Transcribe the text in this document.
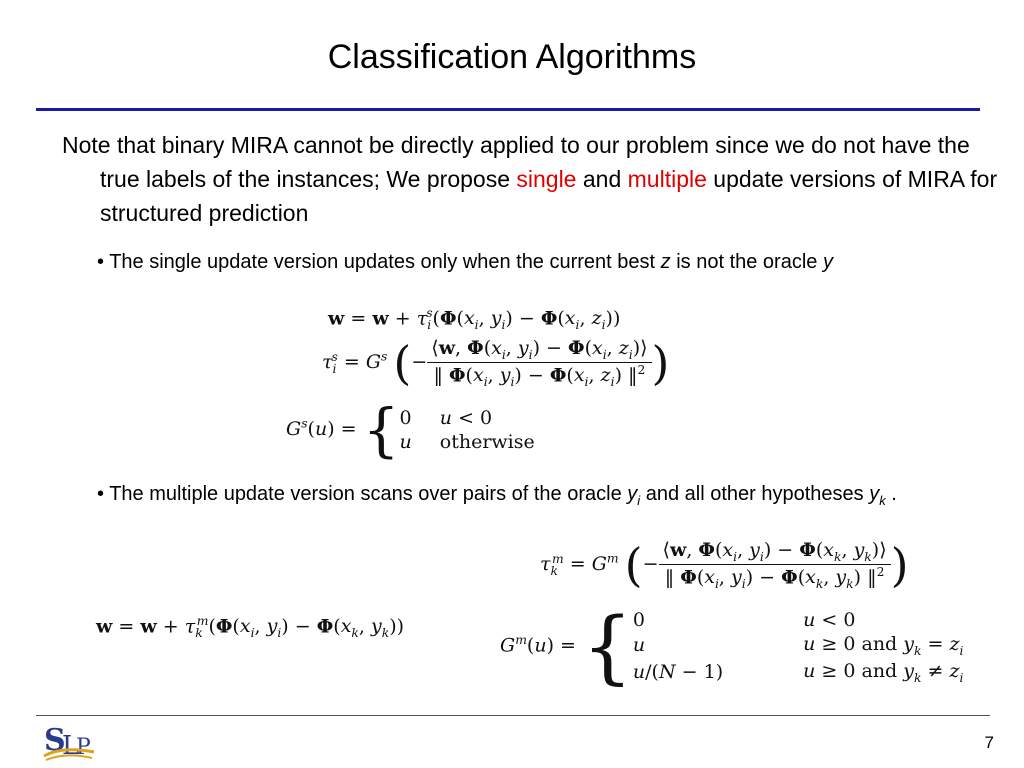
Classification Algorithms
Note that binary MIRA cannot be directly applied to our problem since we do not have the true labels of the instances; We propose single and multiple update versions of MIRA for structured prediction
• The single update version updates only when the current best z is not the oracle y
$w = w + \tau_i^s(\Phi(x_i$, $y_i) - \Phi(x_i$, $z_i$))
$\tau_i^s = G^s$ (− $\frac{⟨w, \Phi(x_i, y_i) - \Phi(x_i, z_i)⟩}{‖ \Phi(x_i, y_i) - \Phi(x_i, z_i) ‖^2}$ )
$G^s(u)$ = { 0	u < 0
u	otherwise
• The multiple update version scans over pairs of the oracle $y_i$ and all other hypotheses $y_k$ .
$\tau_k^m = G^m$ (− $\frac{⟨w, \Phi(x_i, y_i) - \Phi(x_k, y_k)⟩}{‖ \Phi(x_i, y_i) - \Phi(x_k, y_k) ‖^2}$ )
$w = w + \tau_k^m(\Phi(x_i$, $y_i) - \Phi(x_k$, $y_k$))
$G^m(u)$ = { 0	u < 0
u	u ≥ 0 and $y_k = z_i$
u/(N − 1)	u ≥ 0 and $y_k \ne z_i$
S
L
P	7
